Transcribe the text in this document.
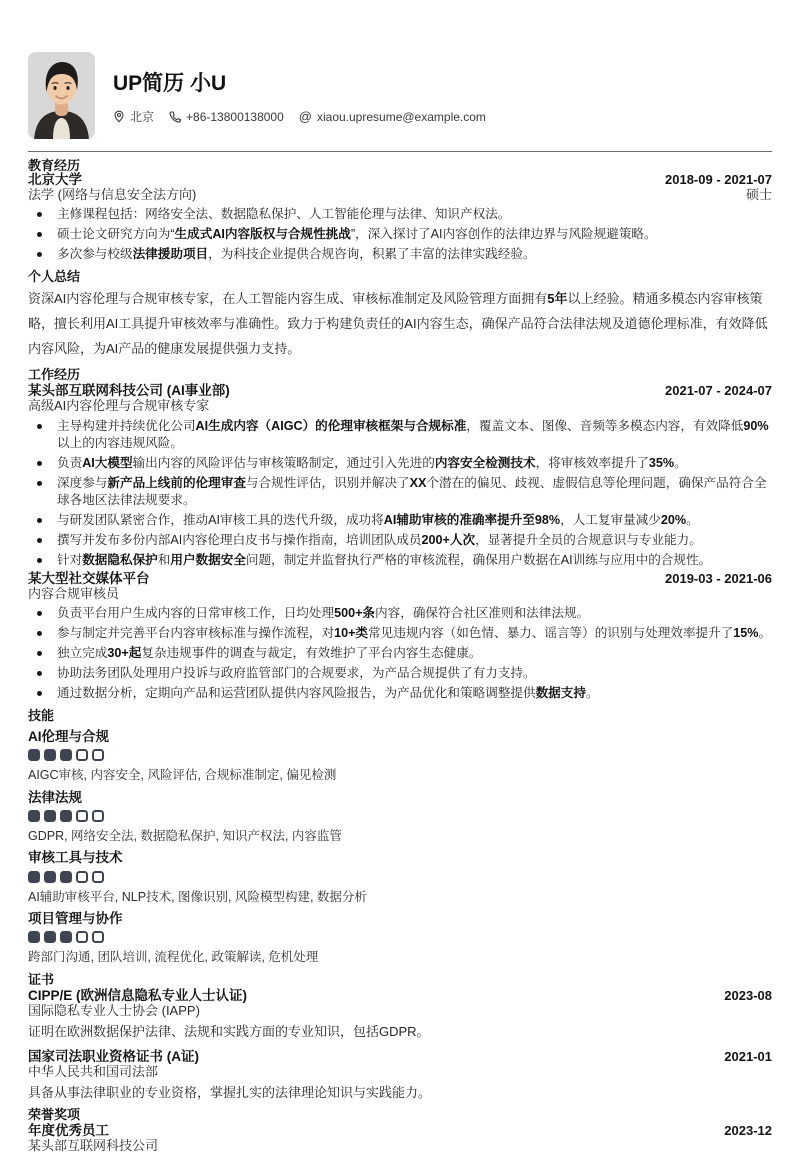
UP简历 小U
北京	+86-13800138000 @ xiaou.upresume@example.com
教育经历
北京大学	2018-09 - 2021-07
法学 (网络与信息安全法方向)	硕士
主修课程包括：网络安全法、数据隐私保护、人工智能伦理与法律、知识产权法。
硕士论文研究方向为“生成式AI内容版权与合规性挑战”，深入探讨了AI内容创作的法律边界与风险规避策略。
多次参与校级法律援助项目，为科技企业提供合规咨询，积累了丰富的法律实践经验。
个人总结

资深AI内容伦理与合规审核专家，在人工智能内容生成、审核标准制定及风险管理方面拥有5年以上经验。精通多模态内容审核策略，擅长利用AI工具提升审核效率与准确性。致力于构建负责任的AI内容生态，确保产品符合法律法规及道德伦理标准，有效降低内容风险，为AI产品的健康发展提供强力支持。

工作经历
某头部互联网科技公司 (AI事业部)	2021-07 - 2024-07
高级AI内容伦理与合规审核专家
主导构建并持续优化公司AI生成内容（AIGC）的伦理审核框架与合规标准，覆盖文本、图像、音频等多模态内容，有效降低90%以上的内容违规风险。
负责AI大模型输出内容的风险评估与审核策略制定，通过引入先进的内容安全检测技术，将审核效率提升了35%。
深度参与新产品上线前的伦理审查与合规性评估，识别并解决了XX个潜在的偏见、歧视、虚假信息等伦理问题，确保产品符合全球各地区法律法规要求。
与研发团队紧密合作，推动AI审核工具的迭代升级，成功将AI辅助审核的准确率提升至98%，人工复审量减少20%。
撰写并发布多份内部AI内容伦理白皮书与操作指南，培训团队成员200+人次，显著提升全员的合规意识与专业能力。
针对数据隐私保护和用户数据安全问题，制定并监督执行严格的审核流程，确保用户数据在AI训练与应用中的合规性。
某大型社交媒体平台	2019-03 - 2021-06
内容合规审核员
负责平台用户生成内容的日常审核工作，日均处理500+条内容，确保符合社区准则和法律法规。
参与制定并完善平台内容审核标准与操作流程，对10+类常见违规内容（如色情、暴力、谣言等）的识别与处理效率提升了15%。
独立完成30+起复杂违规事件的调查与裁定，有效维护了平台内容生态健康。
协助法务团队处理用户投诉与政府监管部门的合规要求，为产品合规提供了有力支持。
通过数据分析，定期向产品和运营团队提供内容风险报告，为产品优化和策略调整提供数据支持。
技能
AI伦理与合规
AIGC审核, 内容安全, 风险评估, 合规标准制定, 偏见检测
法律法规
GDPR, 网络安全法, 数据隐私保护, 知识产权法, 内容监管
审核工具与技术
AI辅助审核平台, NLP技术, 图像识别, 风险模型构建, 数据分析
项目管理与协作
跨部门沟通, 团队培训, 流程优化, 政策解读, 危机处理
证书
CIPP/E (欧洲信息隐私专业人士认证)	2023-08
国际隐私专业人士协会 (IAPP)

证明在欧洲数据保护法律、法规和实践方面的专业知识，包括GDPR。

国家司法职业资格证书 (A证)	2021-01
中华人民共和国司法部

具备从事法律职业的专业资格，掌握扎实的法律理论知识与实践能力。

荣誉奖项
年度优秀员工	2023-12
某头部互联网科技公司
